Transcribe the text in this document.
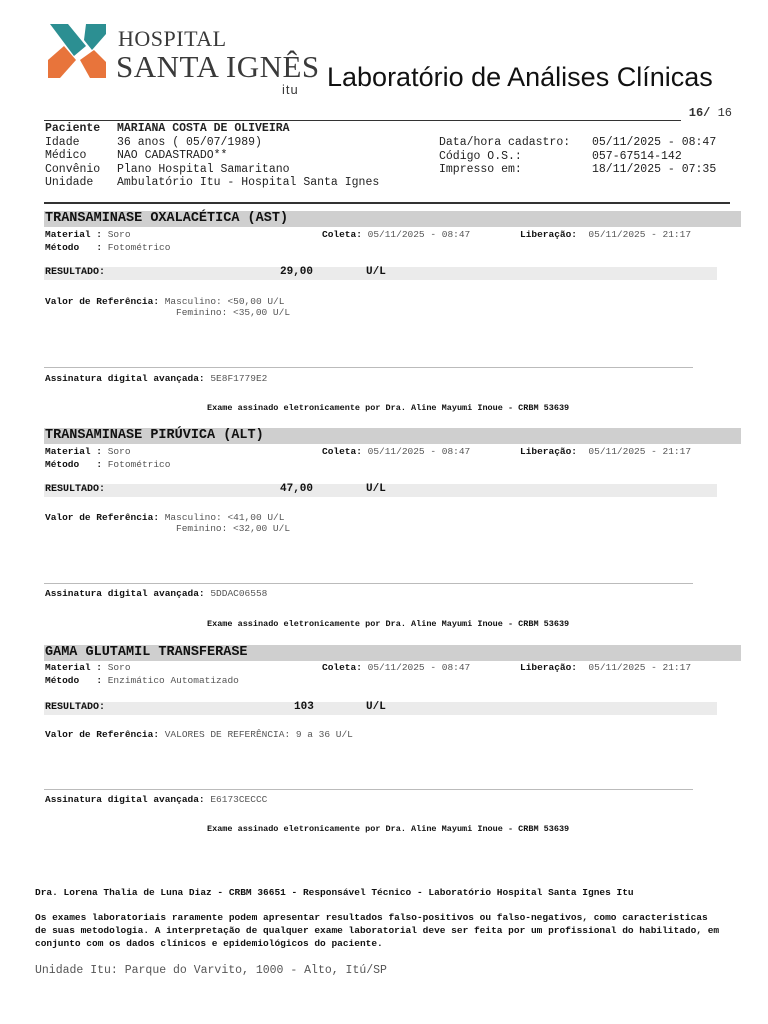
HOSPITAL
SANTA IGNÊS
itu Laboratório de Análises Clínicas
16/ 16
Paciente MARIANA COSTA DE OLIVEIRA
Idade	36 anos ( 05/07/1989)
Médico	NAO CADASTRADO**
Convênio Plano Hospital Samaritano
Unidade Ambulatório Itu - Hospital Santa Ignes
Data/hora cadastro: 05/11/2025 - 08:47
Código O.S.:	057-67514-142
Impresso em:	18/11/2025 - 07:35
TRANSAMINASE OXALACÉTICA (AST)
Material : Soro
Método : Fotométrico
Coleta: 05/11/2025 - 08:47	Liberação: 05/11/2025 - 21:17
RESULTADO:	29,00	U/L
Valor de Referência: Masculino: <50,00 U/L
Feminino: <35,00 U/L
Assinatura digital avançada: 5E8F1779E2
Exame assinado eletronicamente por Dra. Aline Mayumi Inoue - CRBM 53639
TRANSAMINASE PIRÚVICA (ALT)
Material : Soro
Método : Fotométrico
Coleta: 05/11/2025 - 08:47	Liberação: 05/11/2025 - 21:17
RESULTADO:	47,00	U/L
Valor de Referência: Masculino: <41,00 U/L
Feminino: <32,00 U/L
Assinatura digital avançada: 5DDAC06558
Exame assinado eletronicamente por Dra. Aline Mayumi Inoue - CRBM 53639
GAMA GLUTAMIL TRANSFERASE
Material : Soro
Método : Enzimático Automatizado
Coleta: 05/11/2025 - 08:47	Liberação: 05/11/2025 - 21:17
RESULTADO:	103	U/L
Valor de Referência: VALORES DE REFERÊNCIA: 9 a 36 U/L
Assinatura digital avançada: E6173CECCC
Exame assinado eletronicamente por Dra. Aline Mayumi Inoue - CRBM 53639
Dra. Lorena Thalia de Luna Diaz - CRBM 36651 - Responsável Técnico - Laboratório Hospital Santa Ignes Itu
Os exames laboratoriais raramente podem apresentar resultados falso-positivos ou falso-negativos, como caracteristicas
de suas metodologia. A interpretação de qualquer exame laboratorial deve ser feita por um profissional do habilitado, em
conjunto com os dados clínicos e epidemiológicos do paciente.
Unidade Itu: Parque do Varvito, 1000 - Alto, Itú/SP
